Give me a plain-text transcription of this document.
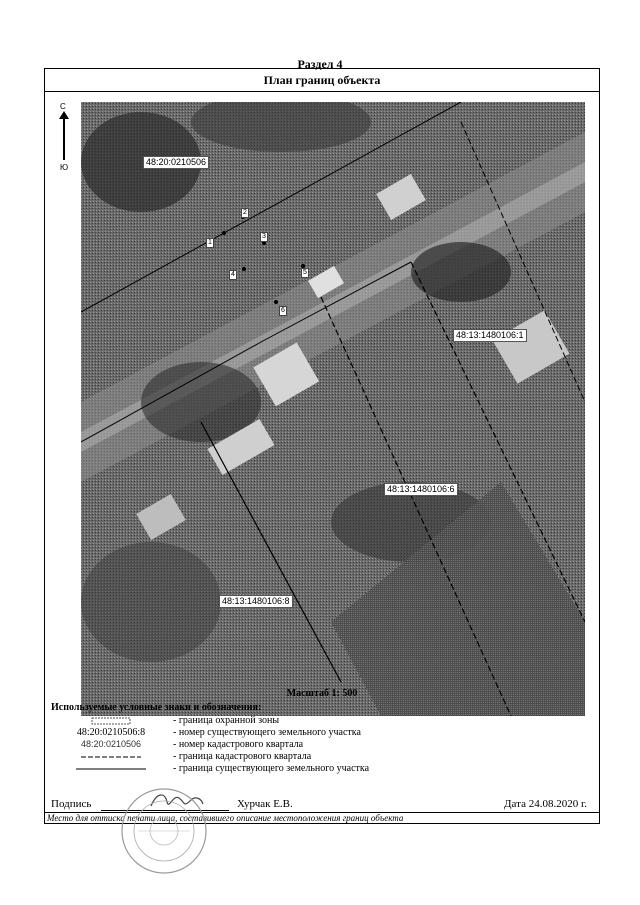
Раздел 4
План границ объекта
С
Ю
48:20:0210506
48:13:1480106:1
48:13:1480106:6
48:13:1480106:8
1
2
3
4	5
6
Масштаб 1: 500
Используемые условные знаки и обозначения:
- граница охранной зоны
48:20:0210506:8	- номер существующего земельного участка
48:20:0210506	- номер кадастрового квартала
- граница кадастрового квартала
- граница существующего земельного участка
Подпись	Хурчак Е.В.	Дата 24.08.2020 г.
Место для оттиска печати лица, составившего описание местоположения границ объекта
